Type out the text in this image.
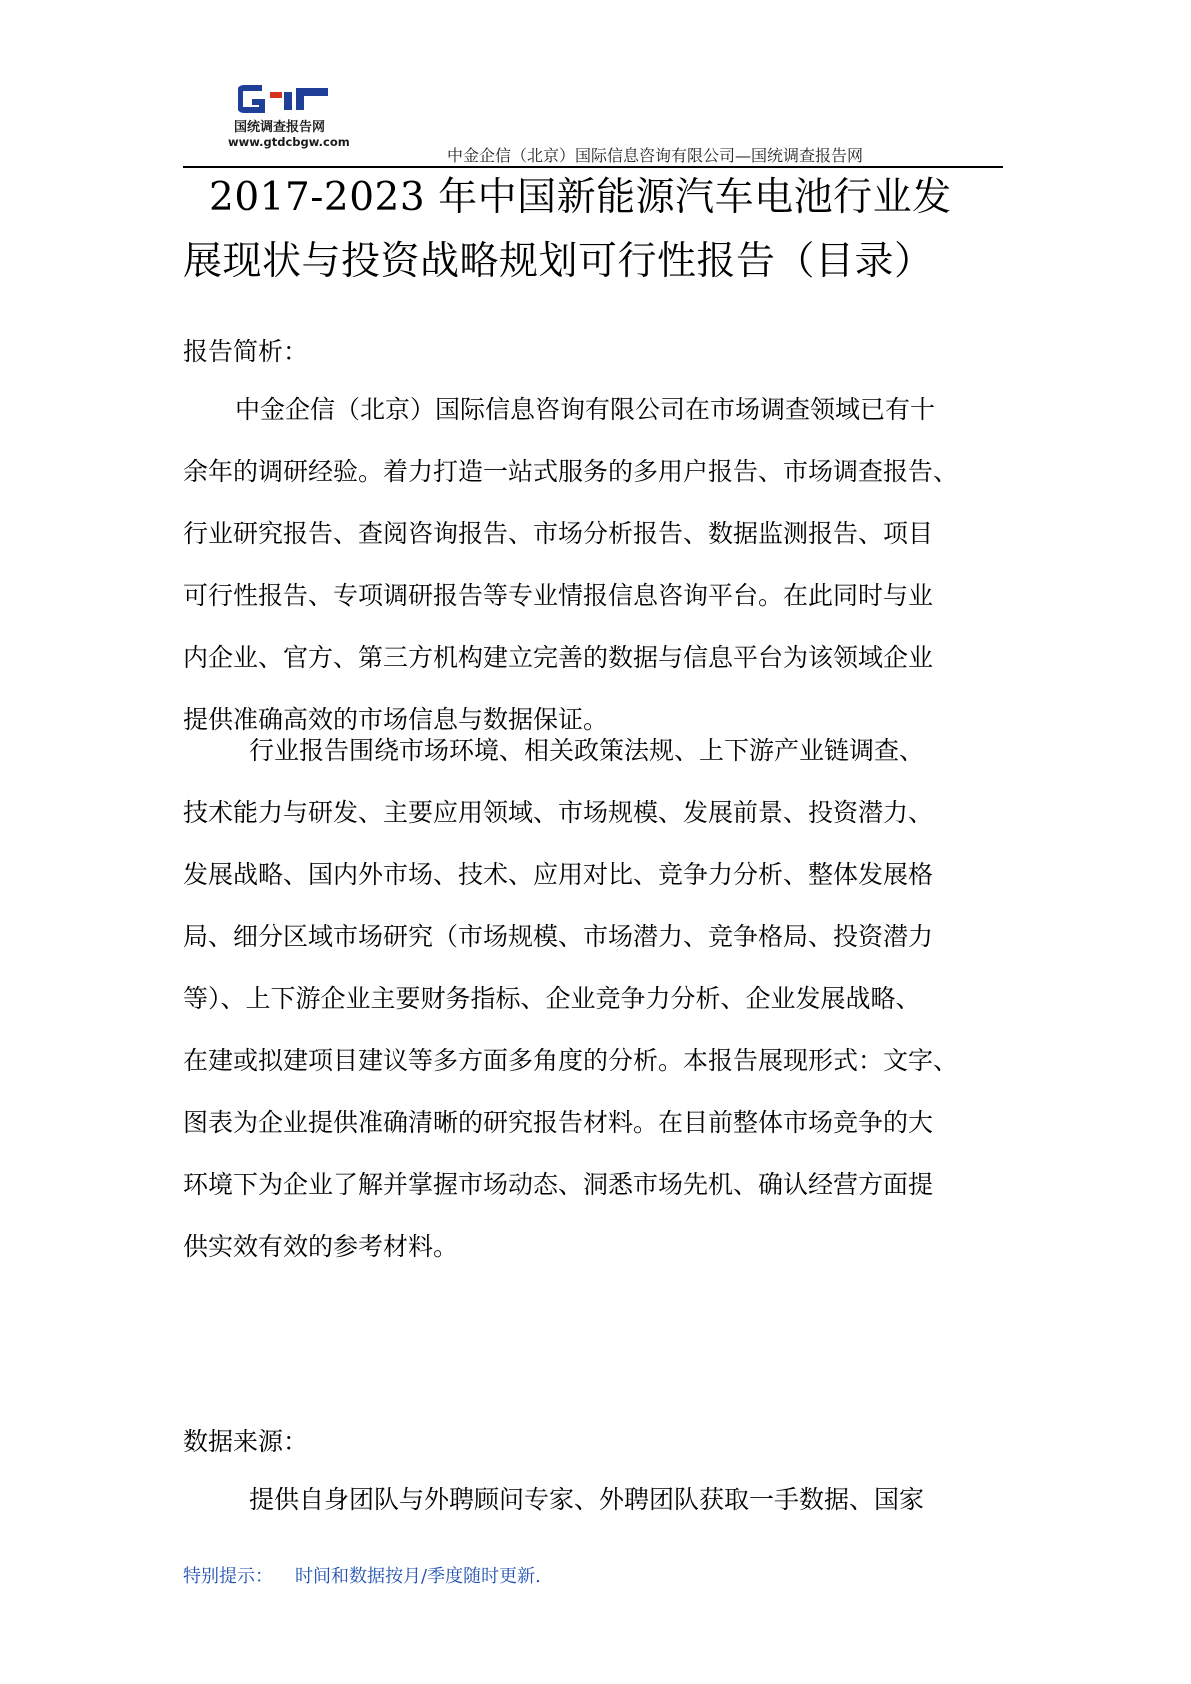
国统调查报告网
www.gtdcbgw.com
中金企信（北京）国际信息咨询有限公司—国统调查报告网
2017-2023 年中国新能源汽车电池行业发
展现状与投资战略规划可行性报告（目录）
报告简析：
中金企信（北京）国际信息咨询有限公司在市场调查领域已有十
余年的调研经验。着力打造一站式服务的多用户报告、市场调查报告、
行业研究报告、查阅咨询报告、市场分析报告、数据监测报告、项目
可行性报告、专项调研报告等专业情报信息咨询平台。在此同时与业
内企业、官方、第三方机构建立完善的数据与信息平台为该领域企业
提供准确高效的市场信息与数据保证。
行业报告围绕市场环境、相关政策法规、上下游产业链调查、
技术能力与研发、主要应用领域、市场规模、发展前景、投资潜力、
发展战略、国内外市场、技术、应用对比、竞争力分析、整体发展格
局、细分区域市场研究（市场规模、市场潜力、竞争格局、投资潜力
等）、上下游企业主要财务指标、企业竞争力分析、企业发展战略、
在建或拟建项目建议等多方面多角度的分析。本报告展现形式：文字、
图表为企业提供准确清晰的研究报告材料。在目前整体市场竞争的大
环境下为企业了解并掌握市场动态、洞悉市场先机、确认经营方面提
供实效有效的参考材料。
数据来源：
提供自身团队与外聘顾问专家、外聘团队获取一手数据、国家
特别提示： 时间和数据按月/季度随时更新.
